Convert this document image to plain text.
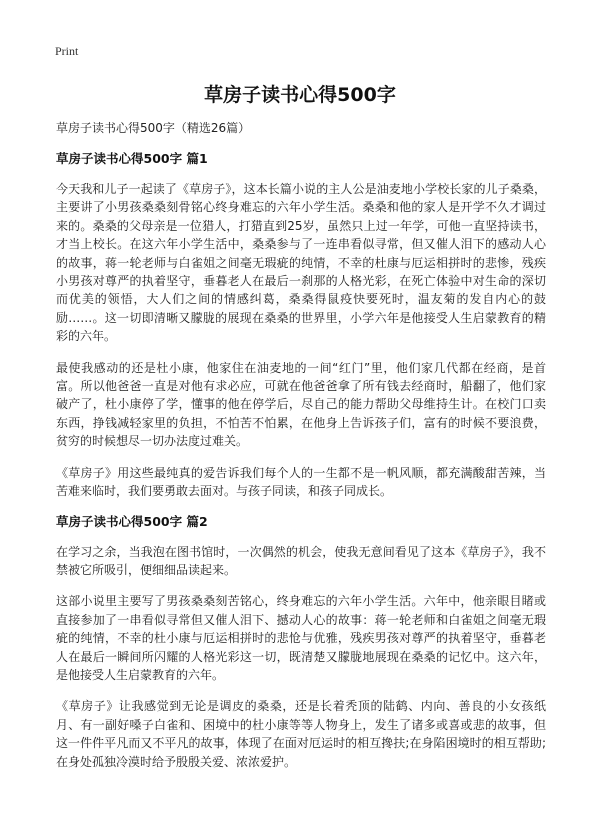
Print
草房子读书心得500字

草房子读书心得500字（精选26篇）

草房子读书心得500字 篇1

今天我和儿子一起读了《草房子》，这本长篇小说的主人公是油麦地小学校长家的儿子桑桑，主要讲了小男孩桑桑刻骨铭心终身难忘的六年小学生活。桑桑和他的家人是开学不久才调过来的。桑桑的父母亲是一位猎人，打猎直到25岁，虽然只上过一年学，可他一直坚持读书，才当上校长。在这六年小学生活中，桑桑参与了一连串看似寻常，但又催人泪下的感动人心的故事，蒋一轮老师与白雀姐之间毫无瑕疵的纯情，不幸的杜康与厄运相拼时的悲惨，残疾小男孩对尊严的执着坚守，垂暮老人在最后一刹那的人格光彩，在死亡体验中对生命的深切而优美的领悟，大人们之间的情感纠葛，桑桑得鼠疫快要死时，温友菊的发自内心的鼓励……。这一切即清晰又朦胧的展现在桑桑的世界里，小学六年是他接受人生启蒙教育的精彩的六年。

最使我感动的还是杜小康，他家住在油麦地的一间“红门”里，他们家几代都在经商，是首富。所以他爸爸一直是对他有求必应，可就在他爸爸拿了所有钱去经商时，船翻了，他们家破产了，杜小康停了学，懂事的他在停学后，尽自己的能力帮助父母维持生计。在校门口卖东西，挣钱减轻家里的负担，不怕苦不怕累，在他身上告诉孩子们，富有的时候不要浪费，贫穷的时候想尽一切办法度过难关。

《草房子》用这些最纯真的爱告诉我们每个人的一生都不是一帆风顺，都充满酸甜苦辣，当苦难来临时，我们要勇敢去面对。与孩子同读，和孩子同成长。

草房子读书心得500字 篇2

在学习之余，当我泡在图书馆时，一次偶然的机会，使我无意间看见了这本《草房子》，我不禁被它所吸引，便细细品读起来。

这部小说里主要写了男孩桑桑刻苦铭心，终身难忘的六年小学生活。六年中，他亲眼目睹或直接参加了一串看似寻常但又催人泪下、撼动人心的故事：蒋一轮老师和白雀姐之间毫无瑕疵的纯情，不幸的杜小康与厄运相拼时的悲怆与优雅，残疾男孩对尊严的执着坚守，垂暮老人在最后一瞬间所闪耀的人格光彩这一切，既清楚又朦胧地展现在桑桑的记忆中。这六年，是他接受人生启蒙教育的六年。

《草房子》让我感觉到无论是调皮的桑桑，还是长着秃顶的陆鹤、内向、善良的小女孩纸月、有一副好嗓子白雀和、困境中的杜小康等等人物身上，发生了诸多或喜或悲的故事，但这一件件平凡而又不平凡的故事，体现了在面对厄运时的相互搀扶;在身陷困境时的相互帮助;在身处孤独冷漠时给予殷殷关爱、浓浓爱护。
